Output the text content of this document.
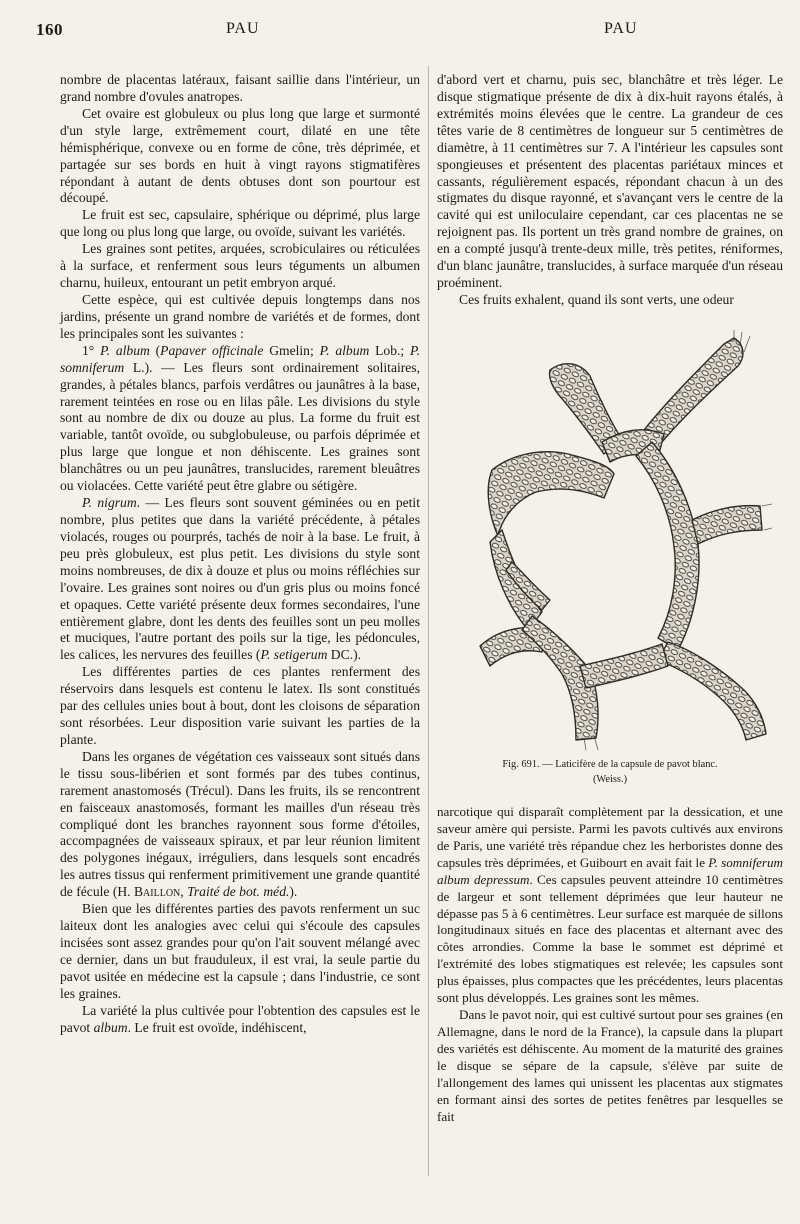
160	PAU	PAU

nombre de placentas latéraux, faisant saillie dans l'intérieur, un grand nombre d'ovules anatropes.

Cet ovaire est globuleux ou plus long que large et surmonté d'un style large, extrêmement court, dilaté en une tête hémisphérique, convexe ou en forme de cône, très déprimée, et partagée sur ses bords en huit à vingt rayons stigmatifères répondant à autant de dents obtuses dont son pourtour est découpé.

Le fruit est sec, capsulaire, sphérique ou déprimé, plus large que long ou plus long que large, ou ovoïde, suivant les variétés.

Les graines sont petites, arquées, scrobiculaires ou réticulées à la surface, et renferment sous leurs téguments un albumen charnu, huileux, entourant un petit embryon arqué.

Cette espèce, qui est cultivée depuis longtemps dans nos jardins, présente un grand nombre de variétés et de formes, dont les principales sont les suivantes :

1° P. album (Papaver officinale Gmelin; P. album Lob.; P. somniferum L.). — Les fleurs sont ordinairement solitaires, grandes, à pétales blancs, parfois verdâtres ou jaunâtres à la base, rarement teintées en rose ou en lilas pâle. Les divisions du style sont au nombre de dix ou douze au plus. La forme du fruit est variable, tantôt ovoïde, ou subglobuleuse, ou parfois déprimée et plus large que longue et non déhiscente. Les graines sont blanchâtres ou un peu jaunâtres, translucides, rarement bleuâtres ou violacées. Cette variété peut être glabre ou sétigère.

P. nigrum. — Les fleurs sont souvent géminées ou en petit nombre, plus petites que dans la variété précédente, à pétales violacés, rouges ou pourprés, tachés de noir à la base. Le fruit, à peu près globuleux, est plus petit. Les divisions du style sont moins nombreuses, de dix à douze et plus ou moins réfléchies sur l'ovaire. Les graines sont noires ou d'un gris plus ou moins foncé et opaques. Cette variété présente deux formes secondaires, l'une entièrement glabre, dont les dents des feuilles sont un peu molles et muciques, l'autre portant des poils sur la tige, les pédoncules, les calices, les nervures des feuilles (P. setigerum DC.).

Les différentes parties de ces plantes renferment des réservoirs dans lesquels est contenu le latex. Ils sont constitués par des cellules unies bout à bout, dont les cloisons de séparation sont résorbées. Leur disposition varie suivant les parties de la plante.

Dans les organes de végétation ces vaisseaux sont situés dans le tissu sous-libérien et sont formés par des tubes continus, rarement anastomosés (Trécul). Dans les fruits, ils se rencontrent en faisceaux anastomosés, formant les mailles d'un réseau très compliqué dont les branches rayonnent sous forme d'étoiles, accompagnées de vaisseaux spiraux, et par leur réunion limitent des polygones inégaux, irréguliers, dans lesquels sont encadrés les autres tissus qui renferment primitivement une grande quantité de fécule (H. Baillon, Traité de bot. méd.).

Bien que les différentes parties des pavots renferment un suc laiteux dont les analogies avec celui qui s'écoule des capsules incisées sont assez grandes pour qu'on l'ait souvent mélangé avec ce dernier, dans un but frauduleux, il est vrai, la seule partie du pavot usitée en médecine est la capsule ; dans l'industrie, ce sont les graines.

La variété la plus cultivée pour l'obtention des capsules est le pavot album. Le fruit est ovoïde, indéhiscent,

d'abord vert et charnu, puis sec, blanchâtre et très léger. Le disque stigmatique présente de dix à dix-huit rayons étalés, à extrémités moins élevées que le centre. La grandeur de ces têtes varie de 8 centimètres de longueur sur 5 centimètres de diamètre, à 11 centimètres sur 7. A l'intérieur les capsules sont spongieuses et présentent des placentas pariétaux minces et cassants, régulièrement espacés, répondant chacun à un des stigmates du disque rayonné, et s'avançant vers le centre de la cavité qui est uniloculaire cependant, car ces placentas ne se rejoignent pas. Ils portent un très grand nombre de graines, on en a compté jusqu'à trente-deux mille, très petites, réniformes, d'un blanc jaunâtre, translucides, à surface marquée d'un réseau proéminent.

Ces fruits exhalent, quand ils sont verts, une odeur

Fig. 691. — Laticifère de la capsule de pavot blanc.
(Weiss.)

narcotique qui disparaît complètement par la dessication, et une saveur amère qui persiste. Parmi les pavots cultivés aux environs de Paris, une variété très répandue chez les herboristes donne des capsules très déprimées, et Guibourt en avait fait le P. somniferum album depressum. Ces capsules peuvent atteindre 10 centimètres de largeur et sont tellement déprimées que leur hauteur ne dépasse pas 5 à 6 centimètres. Leur surface est marquée de sillons longitudinaux situés en face des placentas et alternant avec des côtes arrondies. Comme la base le sommet est déprimé et l'extrémité des lobes stigmatiques est relevée; les capsules sont plus épaisses, plus compactes que les précédentes, leurs placentas sont plus développés. Les graines sont les mêmes.

Dans le pavot noir, qui est cultivé surtout pour ses graines (en Allemagne, dans le nord de la France), la capsule dans la plupart des variétés est déhiscente. Au moment de la maturité des graines le disque se sépare de la capsule, s'élève par suite de l'allongement des lames qui unissent les placentas aux stigmates en formant ainsi des sortes de petites fenêtres par lesquelles se fait
